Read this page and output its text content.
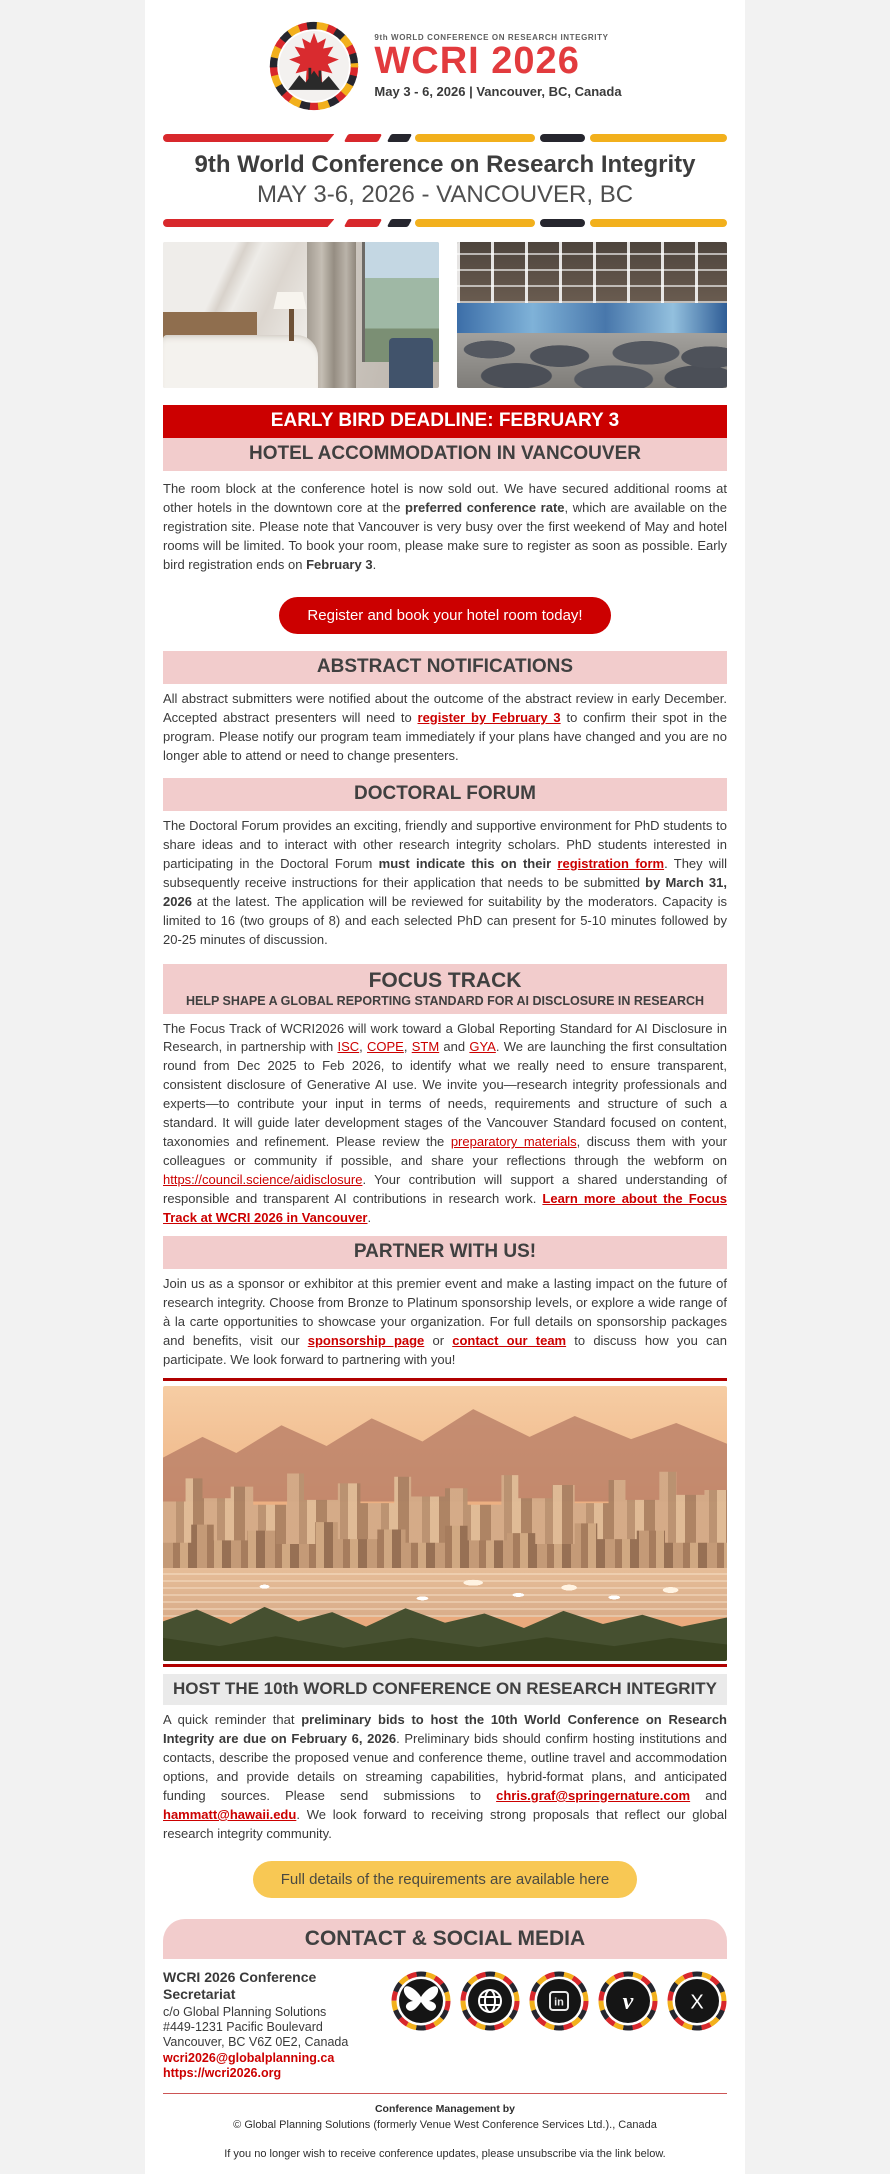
9th WORLD CONFERENCE ON RESEARCH INTEGRITY
WCRI 2026
May 3 - 6, 2026 | Vancouver, BC, Canada
9th World Conference on Research Integrity
MAY 3-6, 2026 - VANCOUVER, BC
EARLY BIRD DEADLINE: FEBRUARY 3
HOTEL ACCOMMODATION IN VANCOUVER

The room block at the conference hotel is now sold out. We have secured additional rooms at other hotels in the downtown core at the preferred conference rate, which are available on the registration site. Please note that Vancouver is very busy over the first weekend of May and hotel rooms will be limited. To book your room, please make sure to register as soon as possible. Early bird registration ends on February 3.

Register and book your hotel room today!
ABSTRACT NOTIFICATIONS

All abstract submitters were notified about the outcome of the abstract review in early December. Accepted abstract presenters will need to register by February 3 to confirm their spot in the program. Please notify our program team immediately if your plans have changed and you are no longer able to attend or need to change presenters.

DOCTORAL FORUM

The Doctoral Forum provides an exciting, friendly and supportive environment for PhD students to share ideas and to interact with other research integrity scholars. PhD students interested in participating in the Doctoral Forum must indicate this on their registration form. They will subsequently receive instructions for their application that needs to be submitted by March 31, 2026 at the latest. The application will be reviewed for suitability by the moderators. Capacity is limited to 16 (two groups of 8) and each selected PhD can present for 5-10 minutes followed by 20-25 minutes of discussion.

FOCUS TRACK
HELP SHAPE A GLOBAL REPORTING STANDARD FOR AI DISCLOSURE IN RESEARCH

The Focus Track of WCRI2026 will work toward a Global Reporting Standard for AI Disclosure in Research, in partnership with ISC, COPE, STM and GYA. We are launching the first consultation round from Dec 2025 to Feb 2026, to identify what we really need to ensure transparent, consistent disclosure of Generative AI use. We invite you—research integrity professionals and experts—to contribute your input in terms of needs, requirements and structure of such a standard. It will guide later development stages of the Vancouver Standard focused on content, taxonomies and refinement. Please review the preparatory materials, discuss them with your colleagues or community if possible, and share your reflections through the webform on https://council.science/aidisclosure. Your contribution will support a shared understanding of responsible and transparent AI contributions in research work. Learn more about the Focus Track at WCRI 2026 in Vancouver.

PARTNER WITH US!

Join us as a sponsor or exhibitor at this premier event and make a lasting impact on the future of research integrity. Choose from Bronze to Platinum sponsorship levels, or explore a wide range of à la carte opportunities to showcase your organization. For full details on sponsorship packages and benefits, visit our sponsorship page or contact our team to discuss how you can participate. We look forward to partnering with you!

HOST THE 10th WORLD CONFERENCE ON RESEARCH INTEGRITY

A quick reminder that preliminary bids to host the 10th World Conference on Research Integrity are due on February 6, 2026. Preliminary bids should confirm hosting institutions and contacts, describe the proposed venue and conference theme, outline travel and accommodation options, and provide details on streaming capabilities, hybrid-format plans, and anticipated funding sources. Please send submissions to chris.graf@springernature.com and hammatt@hawaii.edu. We look forward to receiving strong proposals that reflect our global research integrity community.

Full details of the requirements are available here
CONTACT & SOCIAL MEDIA
WCRI 2026 Conference Secretariat
c/o Global Planning Solutions
#449-1231 Pacific Boulevard
Vancouver, BC V6Z 0E2, Canada
wcri2026@globalplanning.ca
https://wcri2026.org
in v	X
Conference Management by
© Global Planning Solutions (formerly Venue West Conference Services Ltd.)., Canada
If you no longer wish to receive conference updates, please unsubscribe via the link below.
